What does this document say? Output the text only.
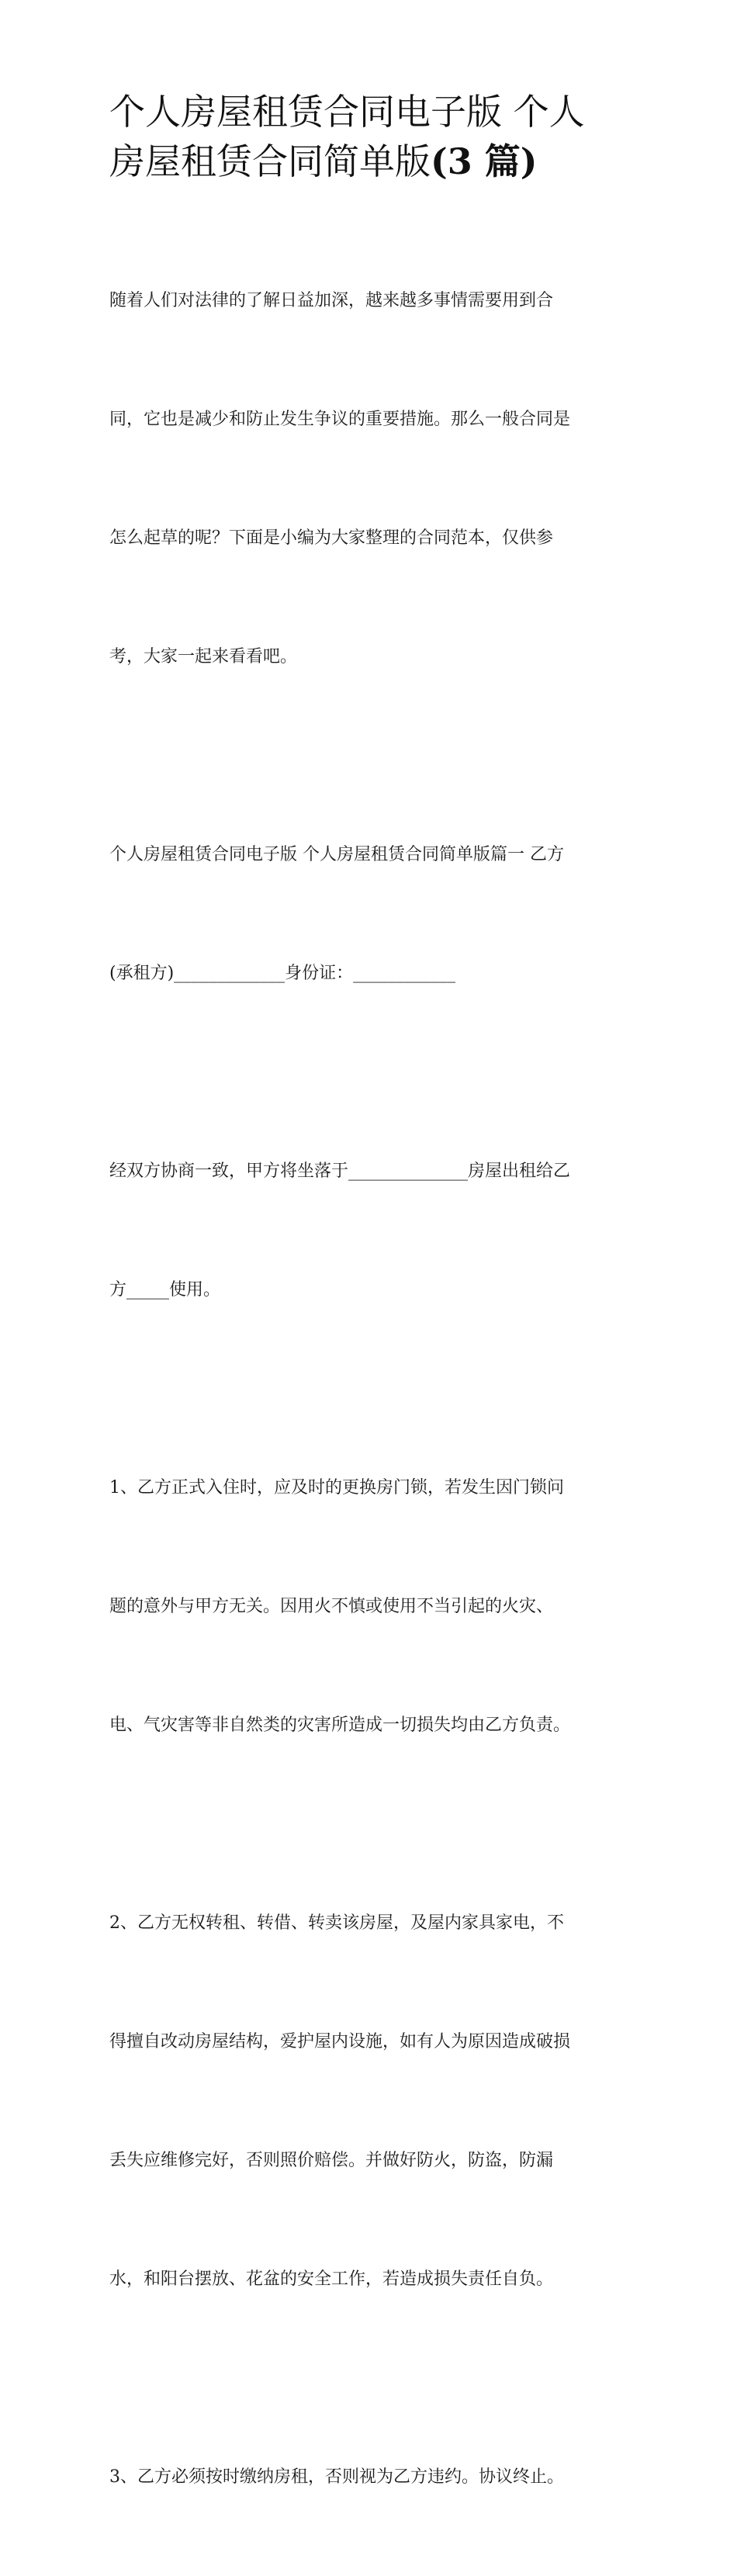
个人房屋租赁合同电子版 个人
房屋租赁合同简单版(3 篇)

随着人们对法律的了解日益加深，越来越多事情需要用到合

同，它也是减少和防止发生争议的重要措施。那么一般合同是

怎么起草的呢？下面是小编为大家整理的合同范本，仅供参

考，大家一起来看看吧。

个人房屋租赁合同电子版 个人房屋租赁合同简单版篇一 乙方

(承租方)_____________身份证：____________

经双方协商一致，甲方将坐落于______________房屋出租给乙

方_____使用。

1、乙方正式入住时，应及时的更换房门锁，若发生因门锁问

题的意外与甲方无关。因用火不慎或使用不当引起的火灾、

电、气灾害等非自然类的灾害所造成一切损失均由乙方负责。

2、乙方无权转租、转借、转卖该房屋，及屋内家具家电，不

得擅自改动房屋结构，爱护屋内设施，如有人为原因造成破损

丢失应维修完好，否则照价赔偿。并做好防火，防盗，防漏

水，和阳台摆放、花盆的安全工作，若造成损失责任自负。

3、乙方必须按时缴纳房租，否则视为乙方违约。协议终止。
